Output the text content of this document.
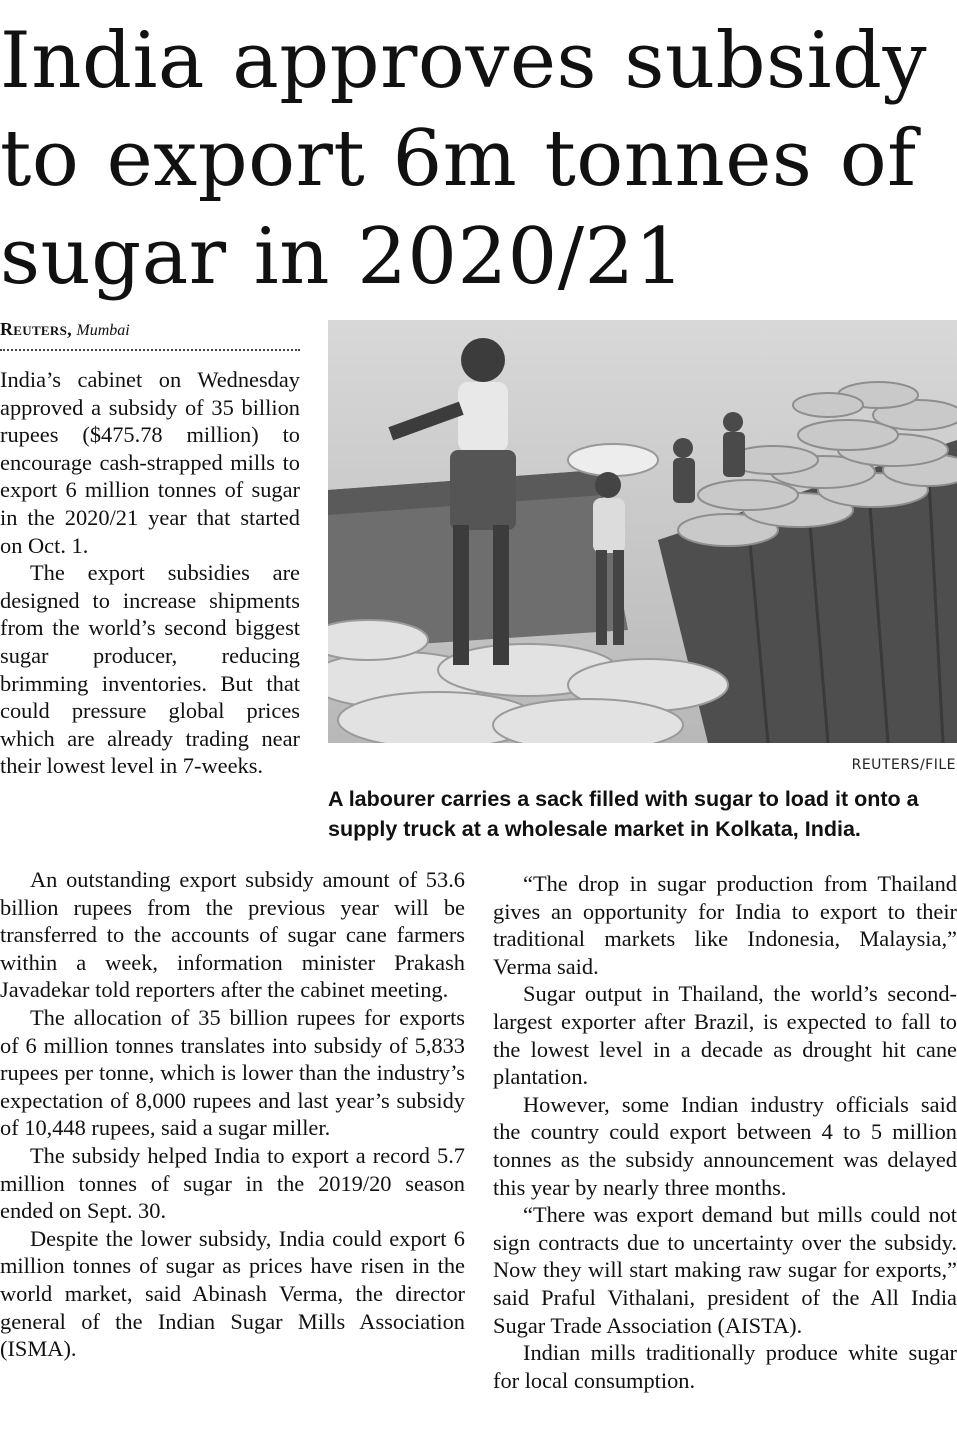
India approves subsidy to export 6m tonnes of sugar in 2020/21
Reuters, Mumbai

India’s cabinet on Wednesday approved a subsidy of 35 billion rupees ($475.78 million) to encourage cash-strapped mills to export 6 million tonnes of sugar in the 2020/21 year that started on Oct. 1.

The export subsidies are designed to increase shipments from the world’s second biggest sugar producer, reducing brimming inventories. But that could pressure global prices which are already trading near their lowest level in 7-weeks.	REUTERS/FILE

A labourer carries a sack filled with sugar to load it onto a supply truck at a wholesale market in Kolkata, India.

An outstanding export subsidy amount of 53.6 billion rupees from the previous year will be transferred to the accounts of sugar cane farmers within a week, information minister Prakash Javadekar told reporters after the cabinet meeting.

The allocation of 35 billion rupees for exports of 6 million tonnes translates into subsidy of 5,833 rupees per tonne, which is lower than the industry’s expectation of 8,000 rupees and last year’s subsidy of 10,448 rupees, said a sugar miller.

The subsidy helped India to export a record 5.7 million tonnes of sugar in the 2019/20 season ended on Sept. 30.

Despite the lower subsidy, India could export 6 million tonnes of sugar as prices have risen in the world market, said Abinash Verma, the director general of the Indian Sugar Mills Association (ISMA).

“The drop in sugar production from Thailand gives an opportunity for India to export to their traditional markets like Indonesia, Malaysia,” Verma said.

Sugar output in Thailand, the world’s second-largest exporter after Brazil, is expected to fall to the lowest level in a decade as drought hit cane plantation.

However, some Indian industry officials said the country could export between 4 to 5 million tonnes as the subsidy announcement was delayed this year by nearly three months.

“There was export demand but mills could not sign contracts due to uncertainty over the subsidy. Now they will start making raw sugar for exports,” said Praful Vithalani, president of the All India Sugar Trade Association (AISTA).

Indian mills traditionally produce white sugar for local consumption.
